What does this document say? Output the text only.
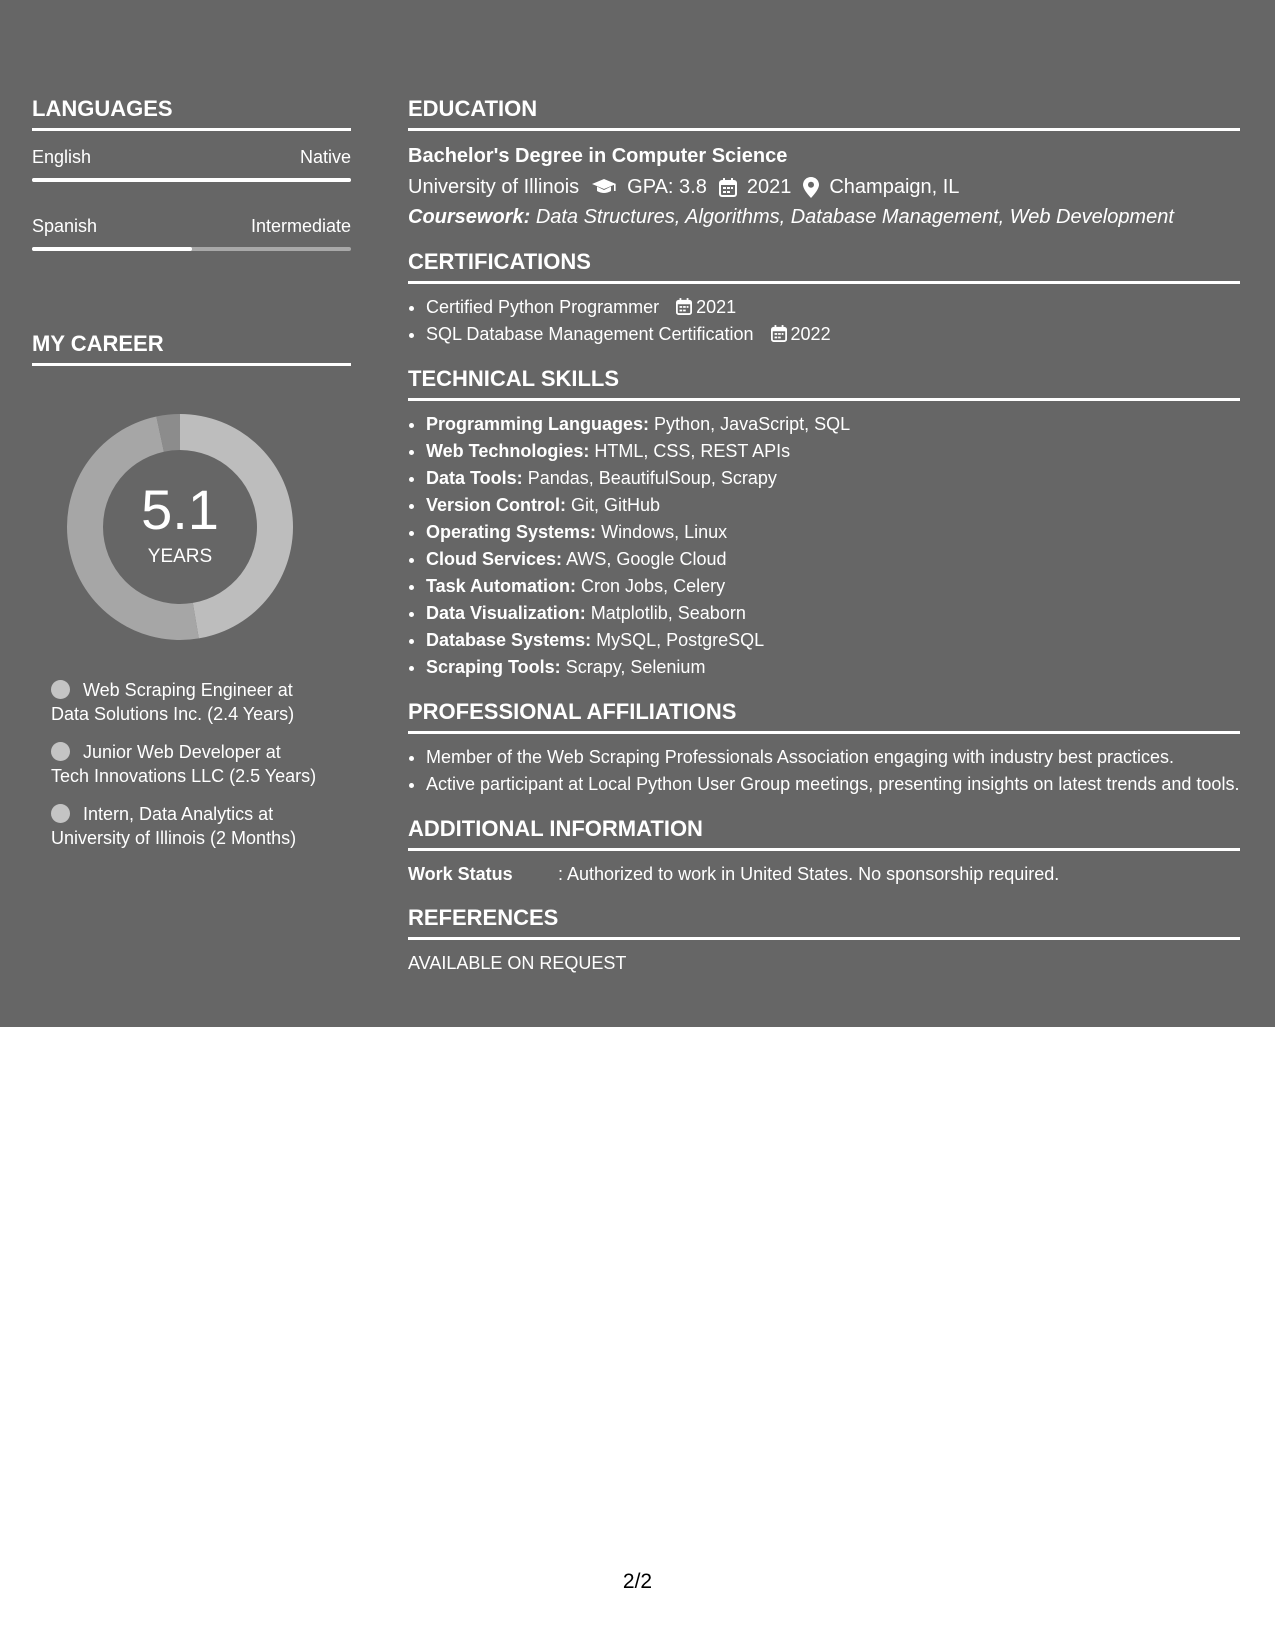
LANGUAGES
English	Native
Spanish	Intermediate
MY CAREER
5.1
YEARS
Web Scraping Engineer at
Data Solutions Inc. (2.4 Years)
Junior Web Developer at
Tech Innovations LLC (2.5 Years)
Intern, Data Analytics at
University of Illinois (2 Months)
EDUCATION
Bachelor's Degree in Computer Science
University of Illinois GPA: 3.8 2021 Champaign, IL
Coursework: Data Structures, Algorithms, Database Management, Web Development
CERTIFICATIONS
• Certified Python Programmer 2021
• SQL Database Management Certification 2022
TECHNICAL SKILLS
• Programming Languages: Python, JavaScript, SQL
• Web Technologies: HTML, CSS, REST APIs
• Data Tools: Pandas, BeautifulSoup, Scrapy
• Version Control: Git, GitHub
• Operating Systems: Windows, Linux
• Cloud Services: AWS, Google Cloud
• Task Automation: Cron Jobs, Celery
• Data Visualization: Matplotlib, Seaborn
• Database Systems: MySQL, PostgreSQL
• Scraping Tools: Scrapy, Selenium
PROFESSIONAL AFFILIATIONS
• Member of the Web Scraping Professionals Association engaging with industry best practices.
• Active participant at Local Python User Group meetings, presenting insights on latest trends and tools.
ADDITIONAL INFORMATION
Work Status	: Authorized to work in United States. No sponsorship required.
REFERENCES
AVAILABLE ON REQUEST
2/2
